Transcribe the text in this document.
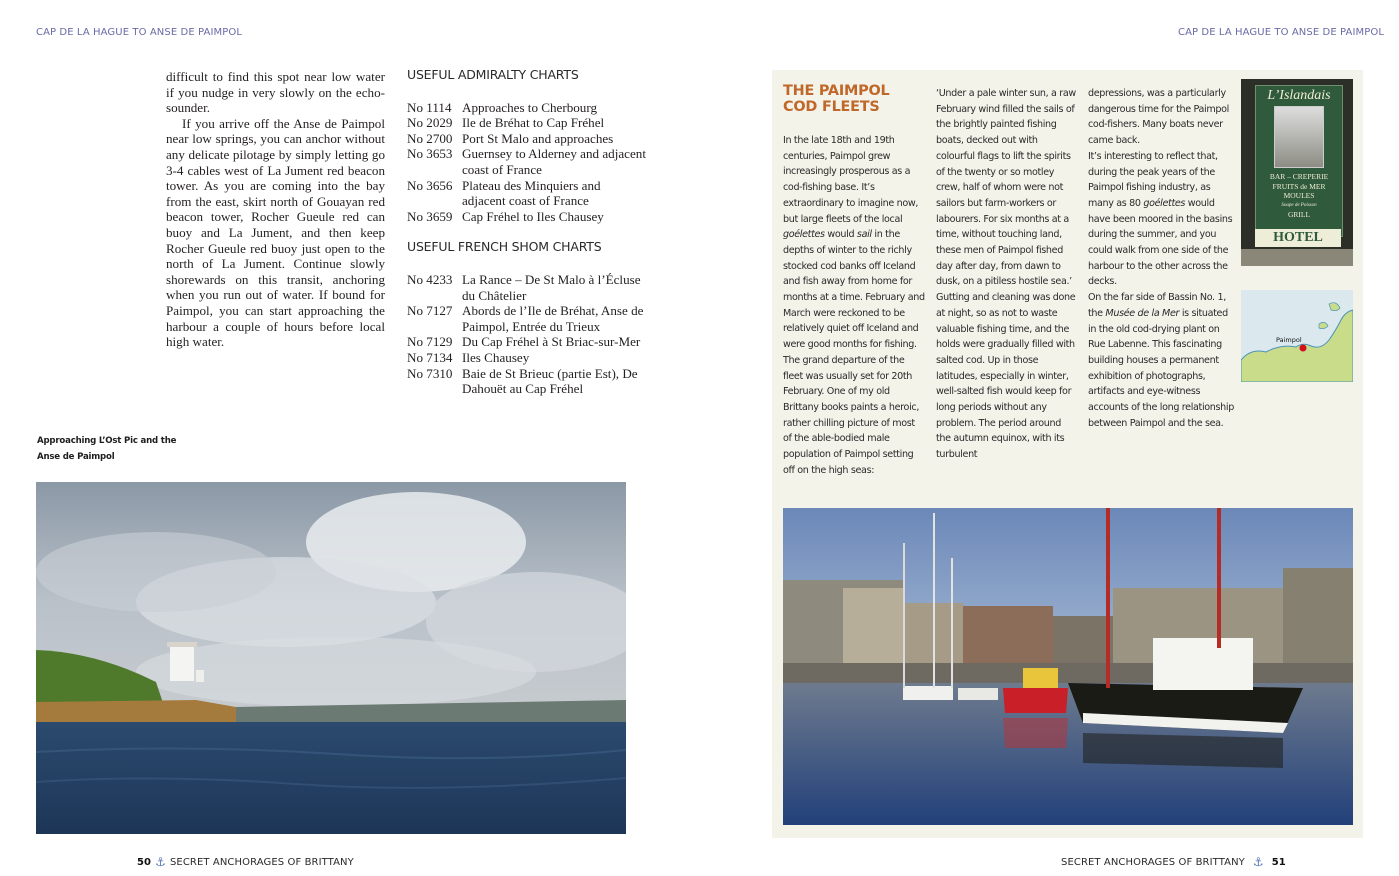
CAP DE LA HAGUE TO ANSE DE PAIMPOL

difficult to find this spot near low water if you nudge in very slowly on the echo-sounder.

If you arrive off the Anse de Paimpol near low springs, you can anchor without any delicate pilotage by simply letting go 3-4 cables west of La Jument red beacon tower. As you are coming into the bay from the east, skirt north of Gouayan red beacon tower, Rocher Gueule red can buoy and La Jument, and then keep Rocher Gueule red buoy just open to the north of La Jument. Continue slowly shorewards on this transit, anchoring when you run out of water. If bound for Paimpol, you can start approaching the harbour a couple of hours before local high water.

USEFUL ADMIRALTY CHARTS
No 1114 Approaches to Cherbourg
No 2029 Ile de Bréhat to Cap Fréhel
No 2700 Port St Malo and approaches
No 3653 Guernsey to Alderney and adjacent coast of France
No 3656 Plateau des Minquiers and adjacent coast of France
No 3659 Cap Fréhel to Iles Chausey
USEFUL FRENCH SHOM CHARTS
No 4233 La Rance – De St Malo à l’Écluse du Châtelier
No 7127 Abords de l’Ile de Bréhat, Anse de Paimpol, Entrée du Trieux
No 7129 Du Cap Fréhel à St Briac-sur-Mer
No 7134 Iles Chausey
No 7310 Baie de St Brieuc (partie Est), De Dahouët au Cap Fréhel
Approaching L’Ost Pic and the Anse de Paimpol
50 ⚓ SECRET ANCHORAGES OF BRITTANY
CAP DE LA HAGUE TO ANSE DE PAIMPOL
THE PAIMPOL COD FLEETS

In the late 18th and 19th centuries, Paimpol grew increasingly prosperous as a cod-fishing base. It’s extraordinary to imagine now, but large fleets of the local goélettes would sail in the depths of winter to the richly stocked cod banks off Iceland and fish away from home for months at a time. February and March were reckoned to be relatively quiet off Iceland and were good months for fishing.

The grand departure of the fleet was usually set for 20th February. One of my old Brittany books paints a heroic, rather chilling picture of most of the able-bodied male population of Paimpol setting off on the high seas:

‘Under a pale winter sun, a raw February wind filled the sails of the brightly painted fishing boats, decked out with colourful flags to lift the spirits of the twenty or so motley crew, half of whom were not sailors but farm-workers or labourers. For six months at a time, without touching land, these men of Paimpol fished day after day, from dawn to dusk, on a pitiless hostile sea.’

Gutting and cleaning was done at night, so as not to waste valuable fishing time, and the holds were gradually filled with salted cod. Up in those latitudes, especially in winter, well-salted fish would keep for long periods without any problem. The period around the autumn equinox, with its turbulent

depressions, was a particularly dangerous time for the Paimpol cod-fishers. Many boats never came back.

It’s interesting to reflect that, during the peak years of the Paimpol fishing industry, as many as 80 goélettes would have been moored in the basins during the summer, and you could walk from one side of the harbour to the other across the decks.

On the far side of Bassin No. 1, the Musée de la Mer is situated in the old cod-drying plant on Rue Labenne. This fascinating building houses a permanent exhibition of photographs, artifacts and eye-witness accounts of the long relationship between Paimpol and the sea.

L’Islandais
BAR – CREPERIE
FRUITS de MER
MOULES
Soupe de Poisson
GRILL
HOTEL
Paimpol
SECRET ANCHORAGES OF BRITTANY ⚓ 51
